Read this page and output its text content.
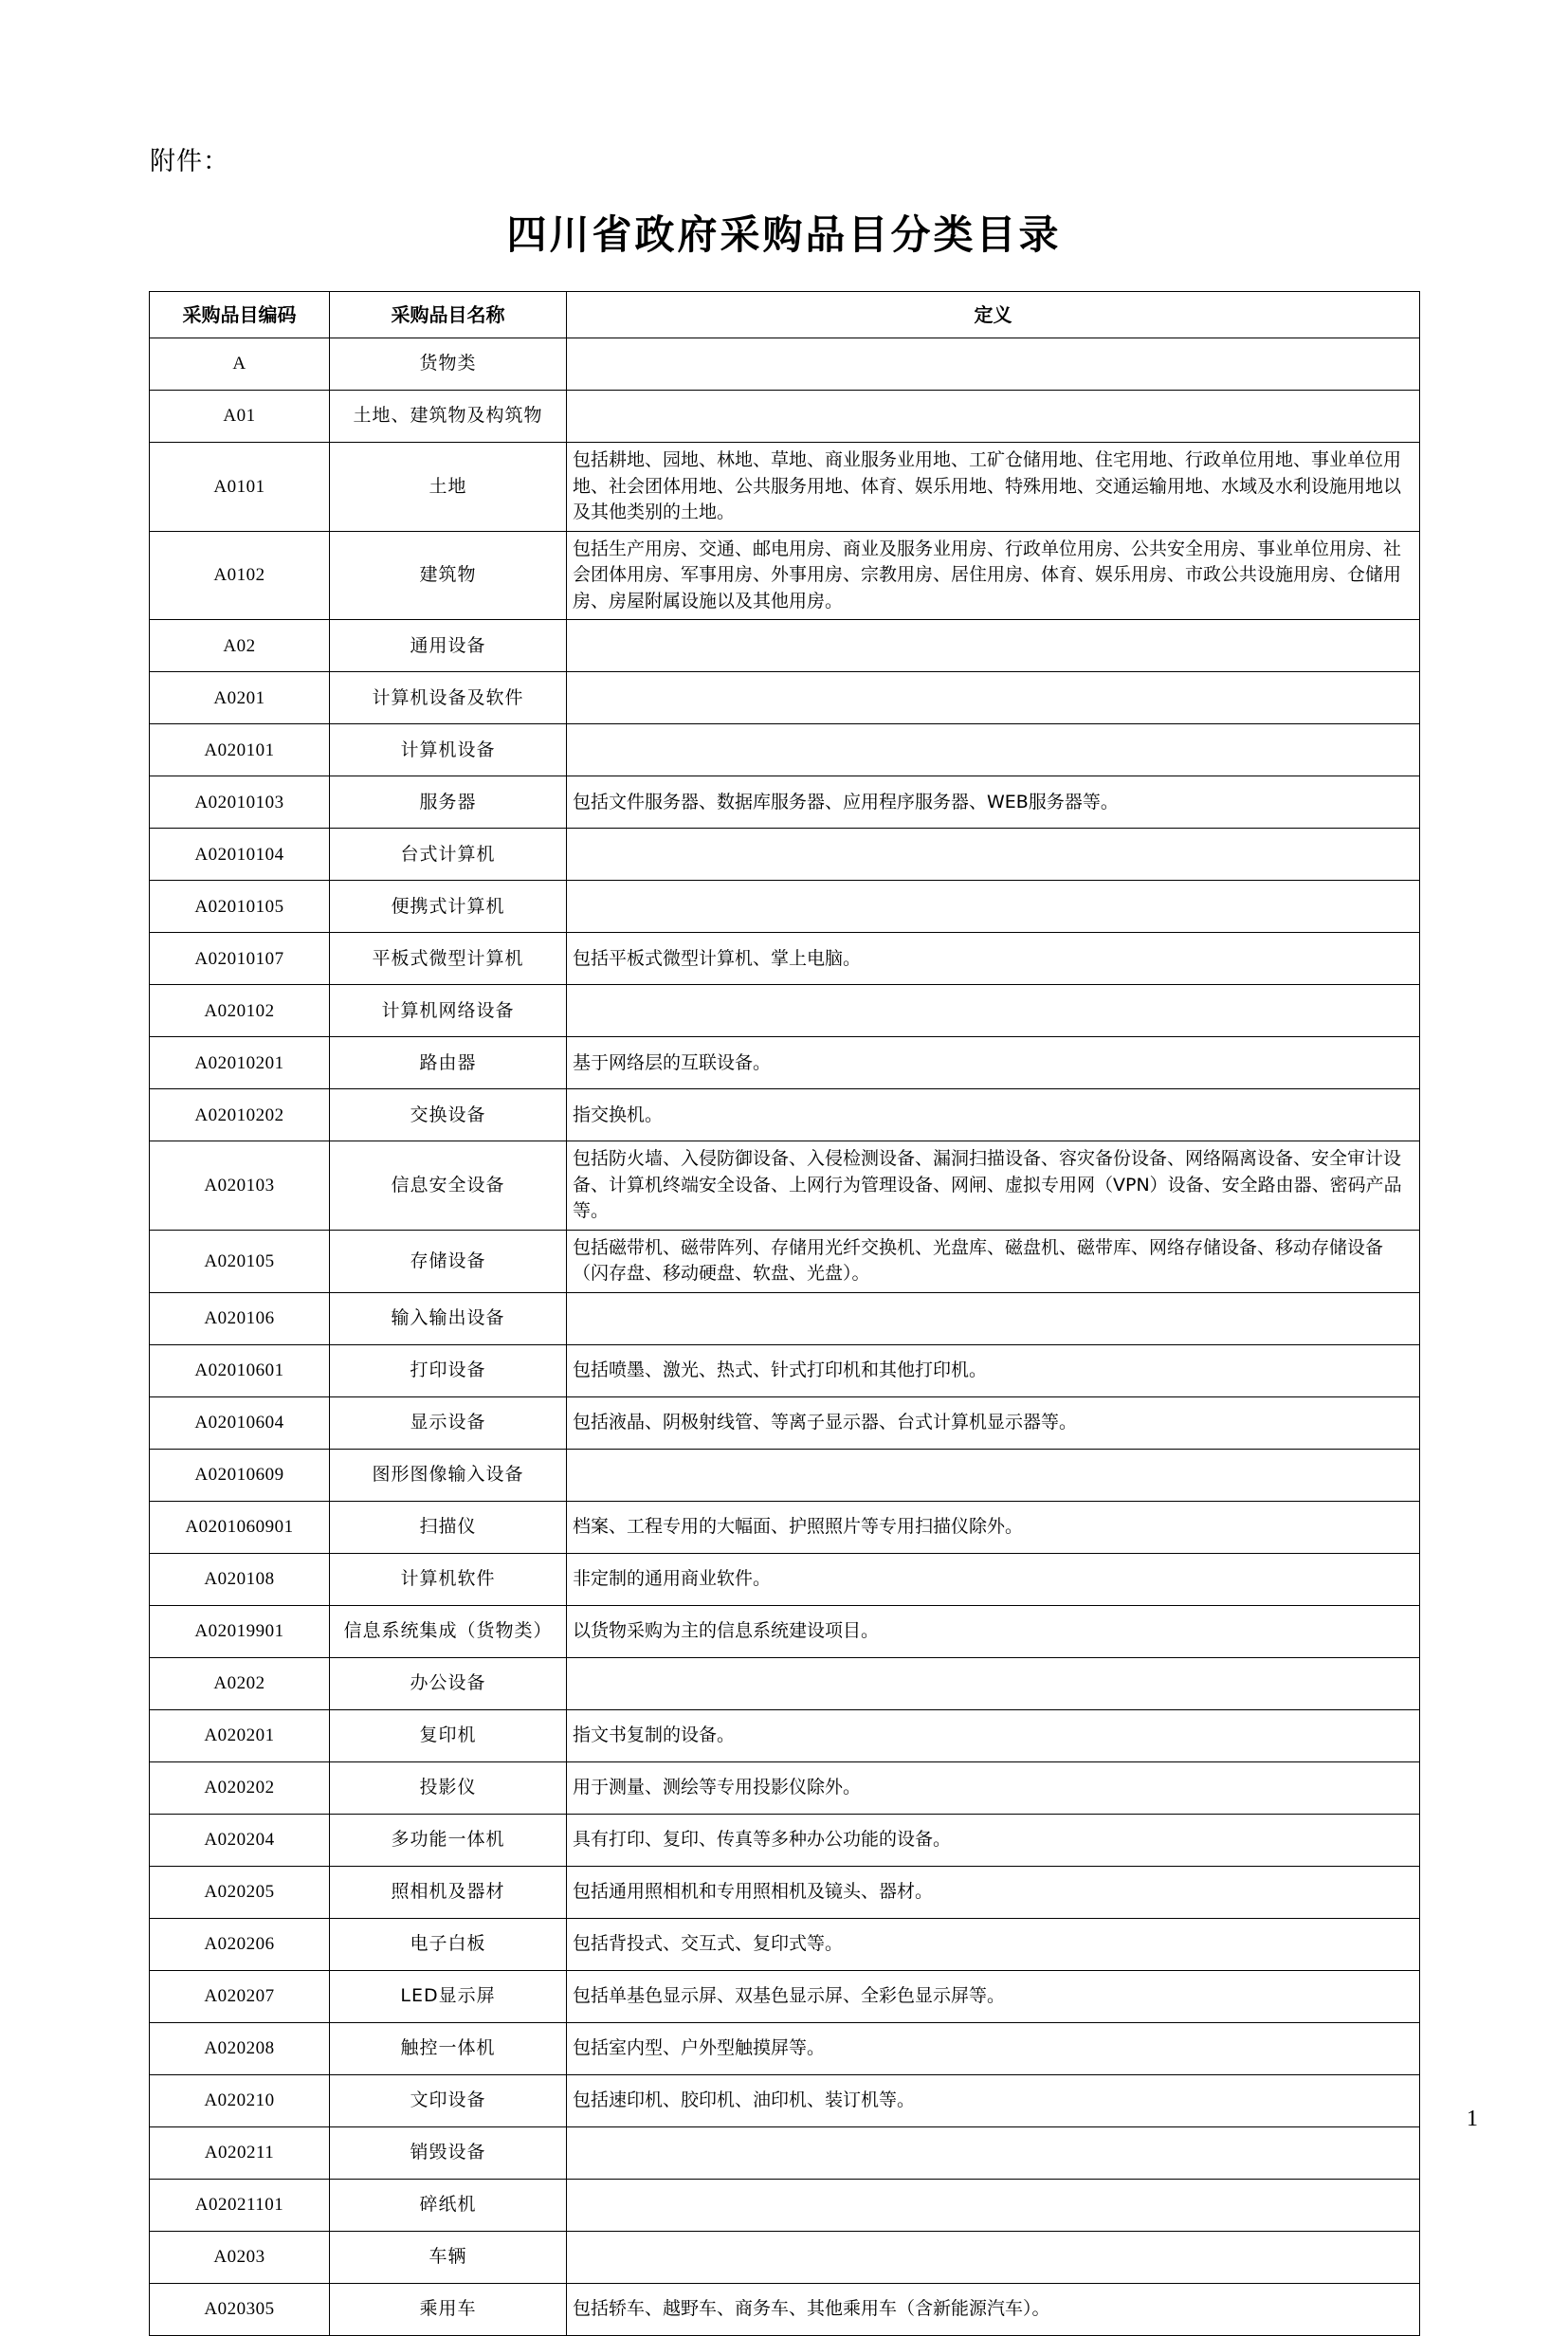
附件：
四川省政府采购品目分类目录
采购品目编码	采购品目名称	定义
A	货物类	
A01	土地、建筑物及构筑物	
A0101	土地	包括耕地、园地、林地、草地、商业服务业用地、工矿仓储用地、住宅用地、行政单位用地、事业单位用地、社会团体用地、公共服务用地、体育、娱乐用地、特殊用地、交通运输用地、水域及水利设施用地以及其他类别的土地。
A0102	建筑物	包括生产用房、交通、邮电用房、商业及服务业用房、行政单位用房、公共安全用房、事业单位用房、社会团体用房、军事用房、外事用房、宗教用房、居住用房、体育、娱乐用房、市政公共设施用房、仓储用房、房屋附属设施以及其他用房。
A02	通用设备	
A0201	计算机设备及软件	
A020101	计算机设备	
A02010103	服务器	包括文件服务器、数据库服务器、应用程序服务器、WEB服务器等。
A02010104	台式计算机	
A02010105	便携式计算机	
A02010107	平板式微型计算机	包括平板式微型计算机、掌上电脑。
A020102	计算机网络设备	
A02010201	路由器	基于网络层的互联设备。
A02010202	交换设备	指交换机。
A020103	信息安全设备	包括防火墙、入侵防御设备、入侵检测设备、漏洞扫描设备、容灾备份设备、网络隔离设备、安全审计设备、计算机终端安全设备、上网行为管理设备、网闸、虚拟专用网（VPN）设备、安全路由器、密码产品等。
A020105	存储设备	包括磁带机、磁带阵列、存储用光纤交换机、光盘库、磁盘机、磁带库、网络存储设备、移动存储设备（闪存盘、移动硬盘、软盘、光盘）。
A020106	输入输出设备	
A02010601	打印设备	包括喷墨、激光、热式、针式打印机和其他打印机。
A02010604	显示设备	包括液晶、阴极射线管、等离子显示器、台式计算机显示器等。
A02010609	图形图像输入设备	
A0201060901	扫描仪	档案、工程专用的大幅面、护照照片等专用扫描仪除外。
A020108	计算机软件	非定制的通用商业软件。
A02019901	信息系统集成（货物类）	以货物采购为主的信息系统建设项目。
A0202	办公设备	
A020201	复印机	指文书复制的设备。
A020202	投影仪	用于测量、测绘等专用投影仪除外。
A020204	多功能一体机	具有打印、复印、传真等多种办公功能的设备。
A020205	照相机及器材	包括通用照相机和专用照相机及镜头、器材。
A020206	电子白板	包括背投式、交互式、复印式等。
A020207	LED显示屏	包括单基色显示屏、双基色显示屏、全彩色显示屏等。
A020208	触控一体机	包括室内型、户外型触摸屏等。
A020210	文印设备	包括速印机、胶印机、油印机、装订机等。
A020211	销毁设备	
A02021101	碎纸机	
A0203	车辆	
A020305	乘用车	包括轿车、越野车、商务车、其他乘用车（含新能源汽车）。
1
